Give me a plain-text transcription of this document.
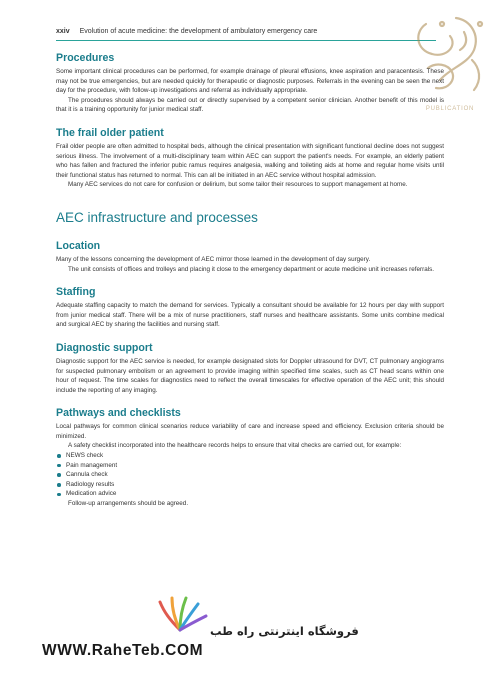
xxiv Evolution of acute medicine: the development of ambulatory emergency care
PUBLICATION
Procedures

Some important clinical procedures can be performed, for example drainage of pleural effusions, knee aspiration and paracentesis. These may not be true emergencies, but are needed quickly for therapeutic or diagnostic purposes. Referrals in the evening can be seen the next day for the procedure, with follow-up investigations and referral as individually appropriate.

The procedures should always be carried out or directly supervised by a competent senior clinician. Another benefit of this model is that it is a training opportunity for junior medical staff.

The frail older patient

Frail older people are often admitted to hospital beds, although the clinical presentation with significant functional decline does not suggest serious illness. The involvement of a multi-disciplinary team within AEC can support the patient's needs. For example, an elderly patient who has fallen and fractured the inferior pubic ramus requires analgesia, walking and toileting aids at home and regular home visits until their functional status has returned to normal. This can all be initiated in an AEC service without hospital admission.

Many AEC services do not care for confusion or delirium, but some tailor their resources to support management at home.

AEC infrastructure and processes
Location

Many of the lessons concerning the development of AEC mirror those learned in the development of day surgery.

The unit consists of offices and trolleys and placing it close to the emergency department or acute medicine unit increases referrals.

Staffing

Adequate staffing capacity to match the demand for services. Typically a consultant should be available for 12 hours per day with support from junior medical staff. There will be a mix of nurse practitioners, staff nurses and healthcare assistants. Some units combine medical and surgical AEC by sharing the facilities and nursing staff.

Diagnostic support

Diagnostic support for the AEC service is needed, for example designated slots for Doppler ultrasound for DVT, CT pulmonary angiograms for suspected pulmonary embolism or an agreement to provide imaging within specified time scales, such as CT head scans within one hour of request. The time scales for diagnostics need to reflect the overall timescales for effective operation of the AEC unit; this should include the reporting of any imaging.

Pathways and checklists

Local pathways for common clinical scenarios reduce variability of care and increase speed and efficiency. Exclusion criteria should be minimized.

A safety checklist incorporated into the healthcare records helps to ensure that vital checks are carried out, for example:

NEWS check
Pain management
Cannula check
Radiology results
Medication advice

Follow-up arrangements should be agreed.

فروشگاه اینترنتی راه طب
WWW.RaheTeb.COM
